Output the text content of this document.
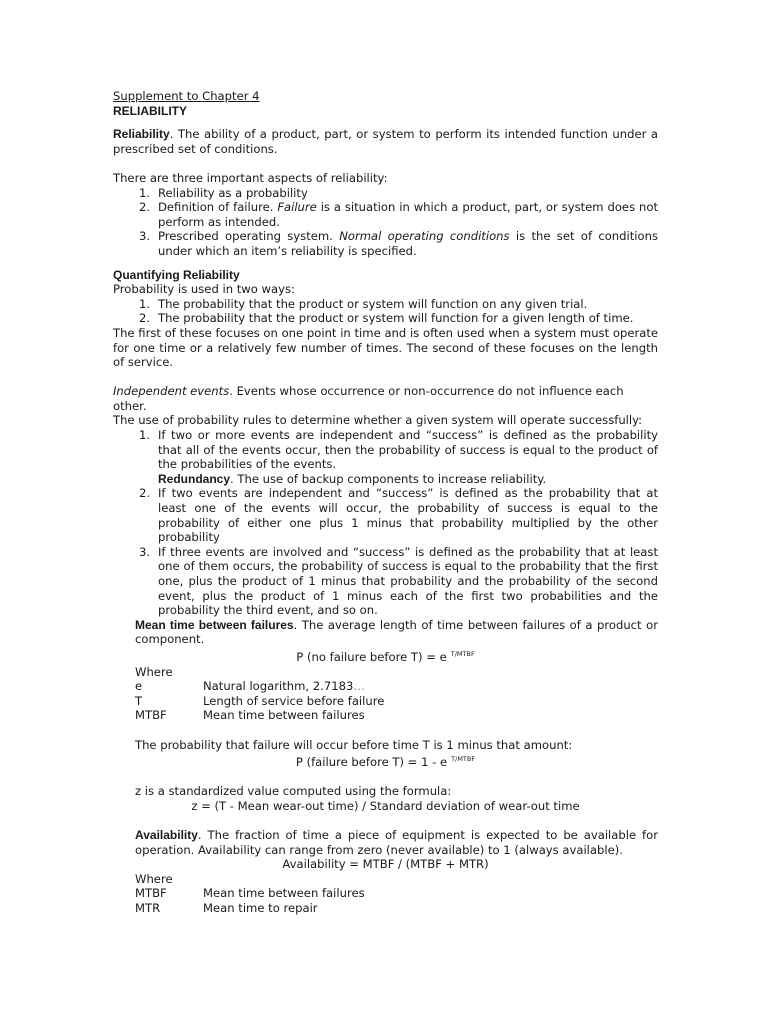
Supplement to Chapter 4

RELIABILITY

Reliability. The ability of a product, part, or system to perform its intended function under a prescribed set of conditions.

There are three important aspects of reliability:

1. Reliability as a probability
2. Definition of failure. Failure is a situation in which a product, part, or system does not perform as intended.
3. Prescribed operating system. Normal operating conditions is the set of conditions under which an item’s reliability is specified.

Quantifying Reliability

Probability is used in two ways:

1. The probability that the product or system will function on any given trial.
2. The probability that the product or system will function for a given length of time.

The first of these focuses on one point in time and is often used when a system must operate for one time or a relatively few number of times. The second of these focuses on the length of service.

Independent events. Events whose occurrence or non-occurrence do not influence each other.

The use of probability rules to determine whether a given system will operate successfully:

1. If two or more events are independent and “success” is defined as the probability that all of the events occur, then the probability of success is equal to the product of the probabilities of the events.

Redundancy. The use of backup components to increase reliability.

2. If two events are independent and “success” is defined as the probability that at least one of the events will occur, the probability of success is equal to the probability of either one plus 1 minus that probability multiplied by the other probability
3. If three events are involved and “success” is defined as the probability that at least one of them occurs, the probability of success is equal to the probability that the first one, plus the product of 1 minus that probability and the probability of the second event, plus the product of 1 minus each of the first two probabilities and the probability the third event, and so on.

Mean time between failures. The average length of time between failures of a product or component.

P (no failure before T) = e $^{T/MTBF}$

Where

e	Natural logarithm, 2.7183…
T	Length of service before failure
MTBF	Mean time between failures

The probability that failure will occur before time T is 1 minus that amount:

P (failure before T) = 1 - e $^{T/MTBF}$

z is a standardized value computed using the formula:

z = (T - Mean wear-out time) / Standard deviation of wear-out time

Availability. The fraction of time a piece of equipment is expected to be available for operation. Availability can range from zero (never available) to 1 (always available).

Availability = MTBF / (MTBF + MTR)

Where

MTBF	Mean time between failures
MTR	Mean time to repair
